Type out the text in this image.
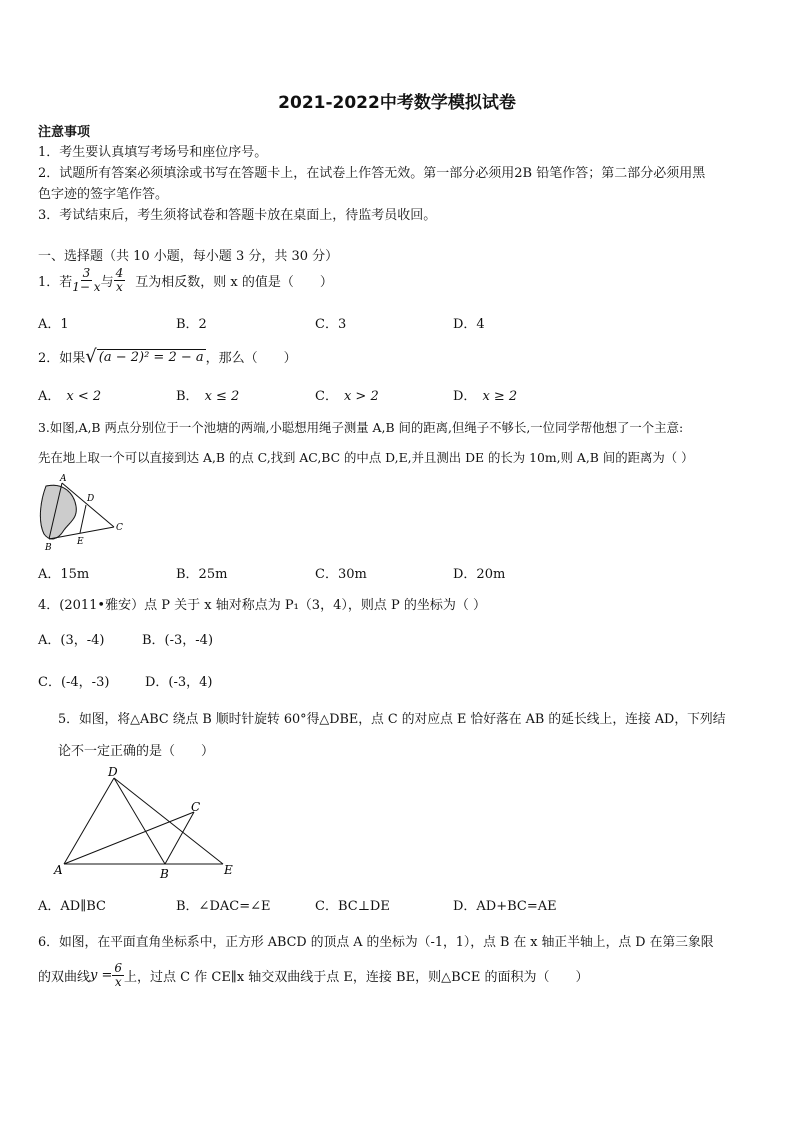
2021-2022中考数学模拟试卷
注意事项
1．考生要认真填写考场号和座位序号。
2．试题所有答案必须填涂或书写在答题卡上，在试卷上作答无效。第一部分必须用2B 铅笔作答；第二部分必须用黑
色字迹的签字笔作答。
3．考试结束后，考生须将试卷和答题卡放在桌面上，待监考员收回。
一、选择题（共 10 小题，每小题 3 分，共 30 分）
1．若 $\frac{3}{1- x}$ 与 $\frac{4}{x}$ 互为相反数，则 x 的值是（　　）
A．1	B．2	C．3	D．4
2．如果 √ (a − 2)² = 2 − a ，那么（　　）
A． x < 2	B． x ≤ 2	C． x > 2	D． x ≥ 2
3.如图,A,B 两点分别位于一个池塘的两端,小聪想用绳子测量 A,B 间的距离,但绳子不够长,一位同学帮他想了一个主意:
先在地上取一个可以直接到达 A,B 的点 C,找到 AC,BC 的中点 D,E,并且测出 DE 的长为 10m,则 A,B 间的距离为（ ）
A
D
C
B
E
A．15m	B．25m	C．30m	D．20m
4．(2011•雅安）点 P 关于 x 轴对称点为 P₁（3，4），则点 P 的坐标为（ ）
A．(3，-4)	B．(-3，-4)
C．(-4，-3)	D．(-3，4)
5．如图，将△ABC 绕点 B 顺时针旋转 60°得△DBE，点 C 的对应点 E 恰好落在 AB 的延长线上，连接 AD，下列结
论不一定正确的是（　　）
D
C
A	B	E
A．AD∥BC	B．∠DAC=∠E	C．BC⊥DE	D．AD+BC=AE
6．如图，在平面直角坐标系中，正方形 ABCD 的顶点 A 的坐标为（-1，1），点 B 在 x 轴正半轴上，点 D 在第三象限
的双曲线 $y = \frac{6}{x}$ 上，过点 C 作 CE∥x 轴交双曲线于点 E，连接 BE，则△BCE 的面积为（　　）
